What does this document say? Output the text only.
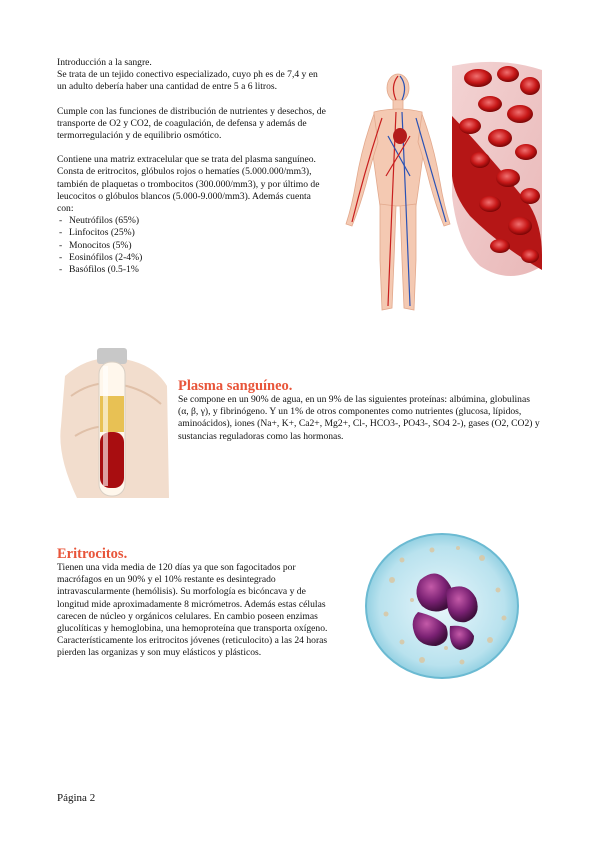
Introducción a la sangre.

Se trata de un tejido conectivo especializado, cuyo ph es de 7,4 y en un adulto debería haber una cantidad de entre 5 a 6 litros.

Cumple con las funciones de distribución de nutrientes y desechos, de transporte de O2 y CO2, de coagulación, de defensa y además de termorregulación y de equilibrio osmótico.

Contiene una matriz extracelular que se trata del plasma sanguíneo. Consta de eritrocitos, glóbulos rojos o hematíes (5.000.000/mm3), también de plaquetas o trombocitos (300.000/mm3), y por último de leucocitos o glóbulos blancos (5.000-9.000/mm3). Además cuenta con:

- Neutrófilos (65%)
- Linfocitos (25%)
- Monocitos (5%)
- Eosinófilos (2-4%)
- Basófilos (0.5-1%

Plasma sanguíneo.

Se compone en un 90% de agua, en un 9% de las siguientes proteínas: albúmina, globulinas (α, β, γ), y fibrinógeno. Y un 1% de otros componentes como nutrientes (glucosa, lípidos, aminoácidos), iones (Na+, K+, Ca2+, Mg2+, Cl-, HCO3-, PO43-, SO4 2-), gases (O2, CO2) y sustancias reguladoras como las hormonas.

Eritrocitos.

Tienen una vida media de 120 días ya que son fagocitados por macrófagos en un 90% y el 10% restante es desintegrado intravascularmente (hemólisis). Su morfología es bicóncava y de longitud mide aproximadamente 8 micrómetros. Además estas células carecen de núcleo y orgánicos celulares. En cambio poseen enzimas glucolíticas y hemoglobina, una hemoproteína que transporta oxígeno. Característicamente los eritrocitos jóvenes (reticulocito) a las 24 horas pierden las organizas y son muy elásticos y plásticos.

Página 2
